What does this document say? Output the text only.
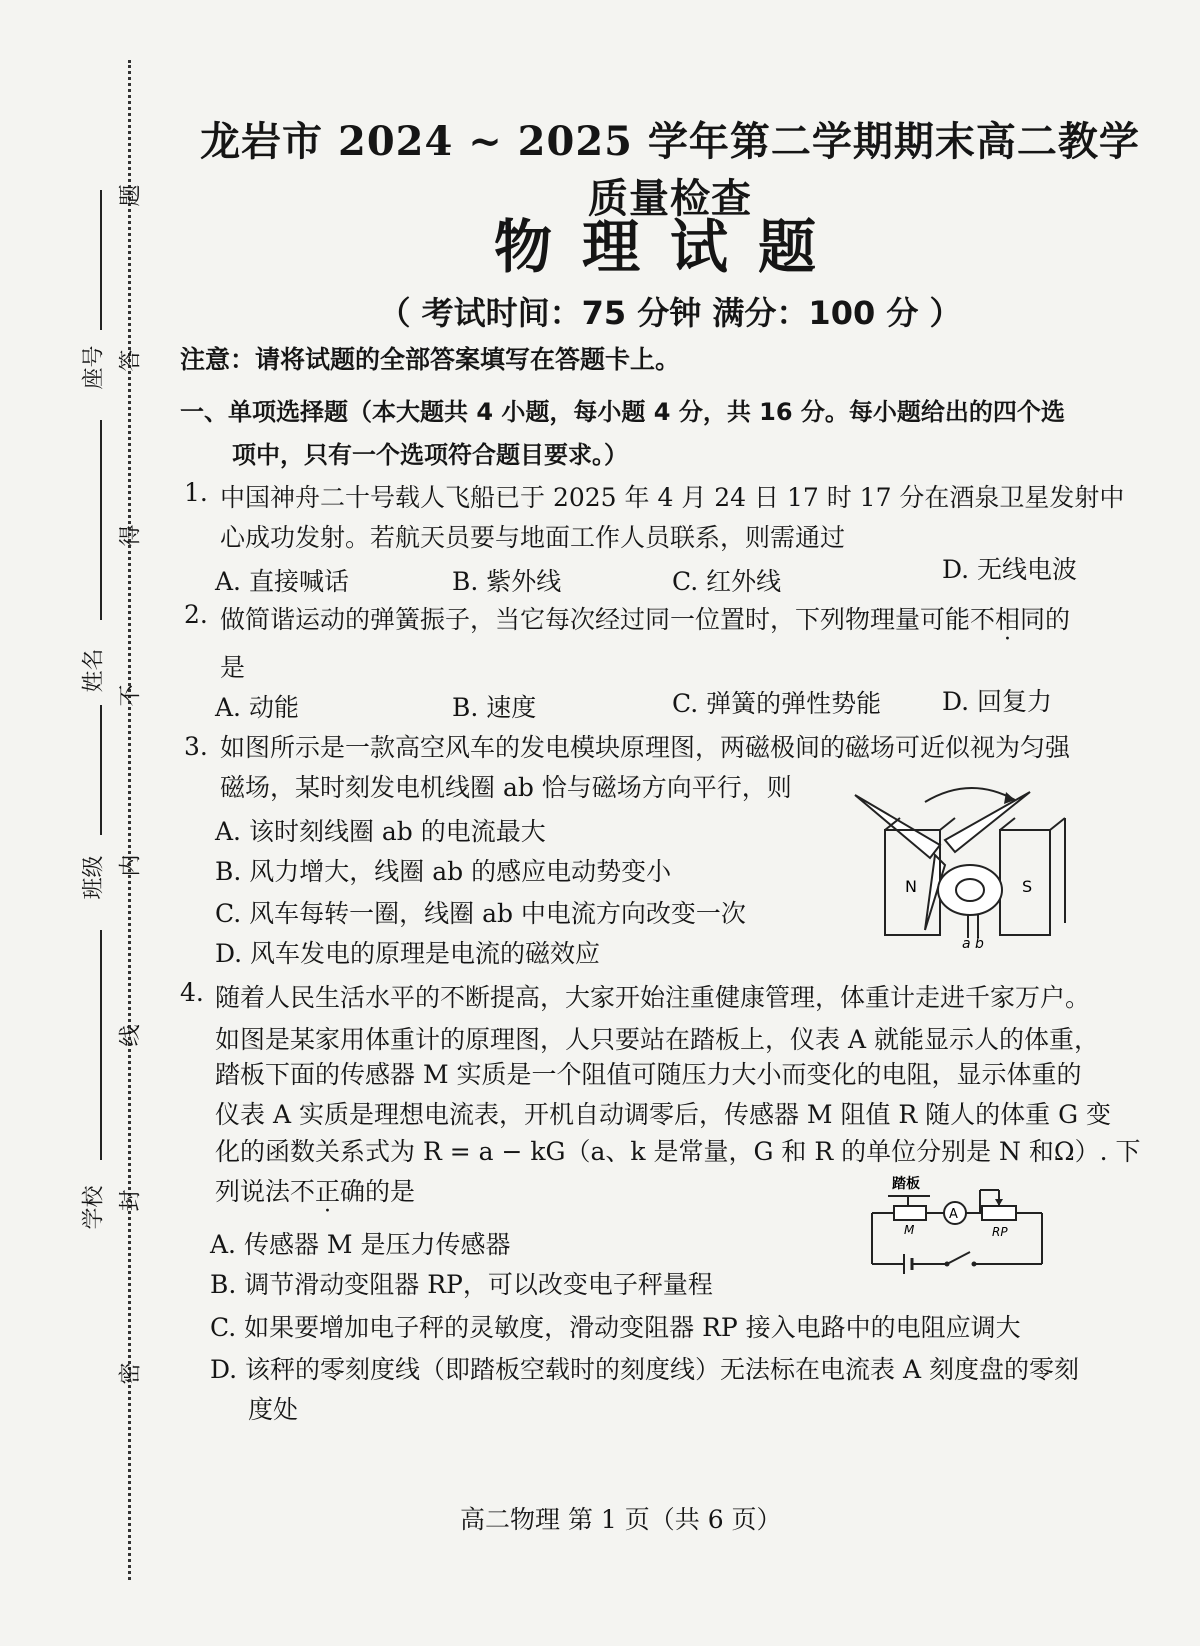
题
答
得
不
内
线
封
密
座号
姓名
班级
学校
龙岩市 2024 ~ 2025 学年第二学期期末高二教学质量检查
物理试题
（ 考试时间：75 分钟 满分：100 分 ）
注意：请将试题的全部答案填写在答题卡上。
一、单项选择题（本大题共 4 小题，每小题 4 分，共 16 分。每小题给出的四个选
项中，只有一个选项符合题目要求。）
1. 中国神舟二十号载人飞船已于 2025 年 4 月 24 日 17 时 17 分在酒泉卫星发射中
心成功发射。若航天员要与地面工作人员联系，则需通过
A. 直接喊话	B. 紫外线	C. 红外线	D. 无线电波
2. 做简谐运动的弹簧振子，当它每次经过同一位置时，下列物理量可能不相同的
是
A. 动能	B. 速度	C. 弹簧的弹性势能 D. 回复力
3. 如图所示是一款高空风车的发电模块原理图，两磁极间的磁场可近似视为匀强
磁场，某时刻发电机线圈 ab 恰与磁场方向平行，则
A. 该时刻线圈 ab 的电流最大
B. 风力增大，线圈 ab 的感应电动势变小
C. 风车每转一圈，线圈 ab 中电流方向改变一次
D. 风车发电的原理是电流的磁效应
N	S
a b
4. 随着人民生活水平的不断提高，大家开始注重健康管理，体重计走进千家万户。
如图是某家用体重计的原理图，人只要站在踏板上，仪表 A 就能显示人的体重，
踏板下面的传感器 M 实质是一个阻值可随压力大小而变化的电阻，显示体重的
仪表 A 实质是理想电流表，开机自动调零后，传感器 M 阻值 R 随人的体重 G 变
化的函数关系式为 R = a − kG（a、k 是常量，G 和 R 的单位分别是 N 和Ω）. 下
列说法不正确的是
A. 传感器 M 是压力传感器
B. 调节滑动变阻器 RP，可以改变电子秤量程
C. 如果要增加电子秤的灵敏度，滑动变阻器 RP 接入电路中的电阻应调大
D. 该秤的零刻度线（即踏板空载时的刻度线）无法标在电流表 A 刻度盘的零刻
度处
踏板
M
A
RP
高二物理 第 1 页（共 6 页）
